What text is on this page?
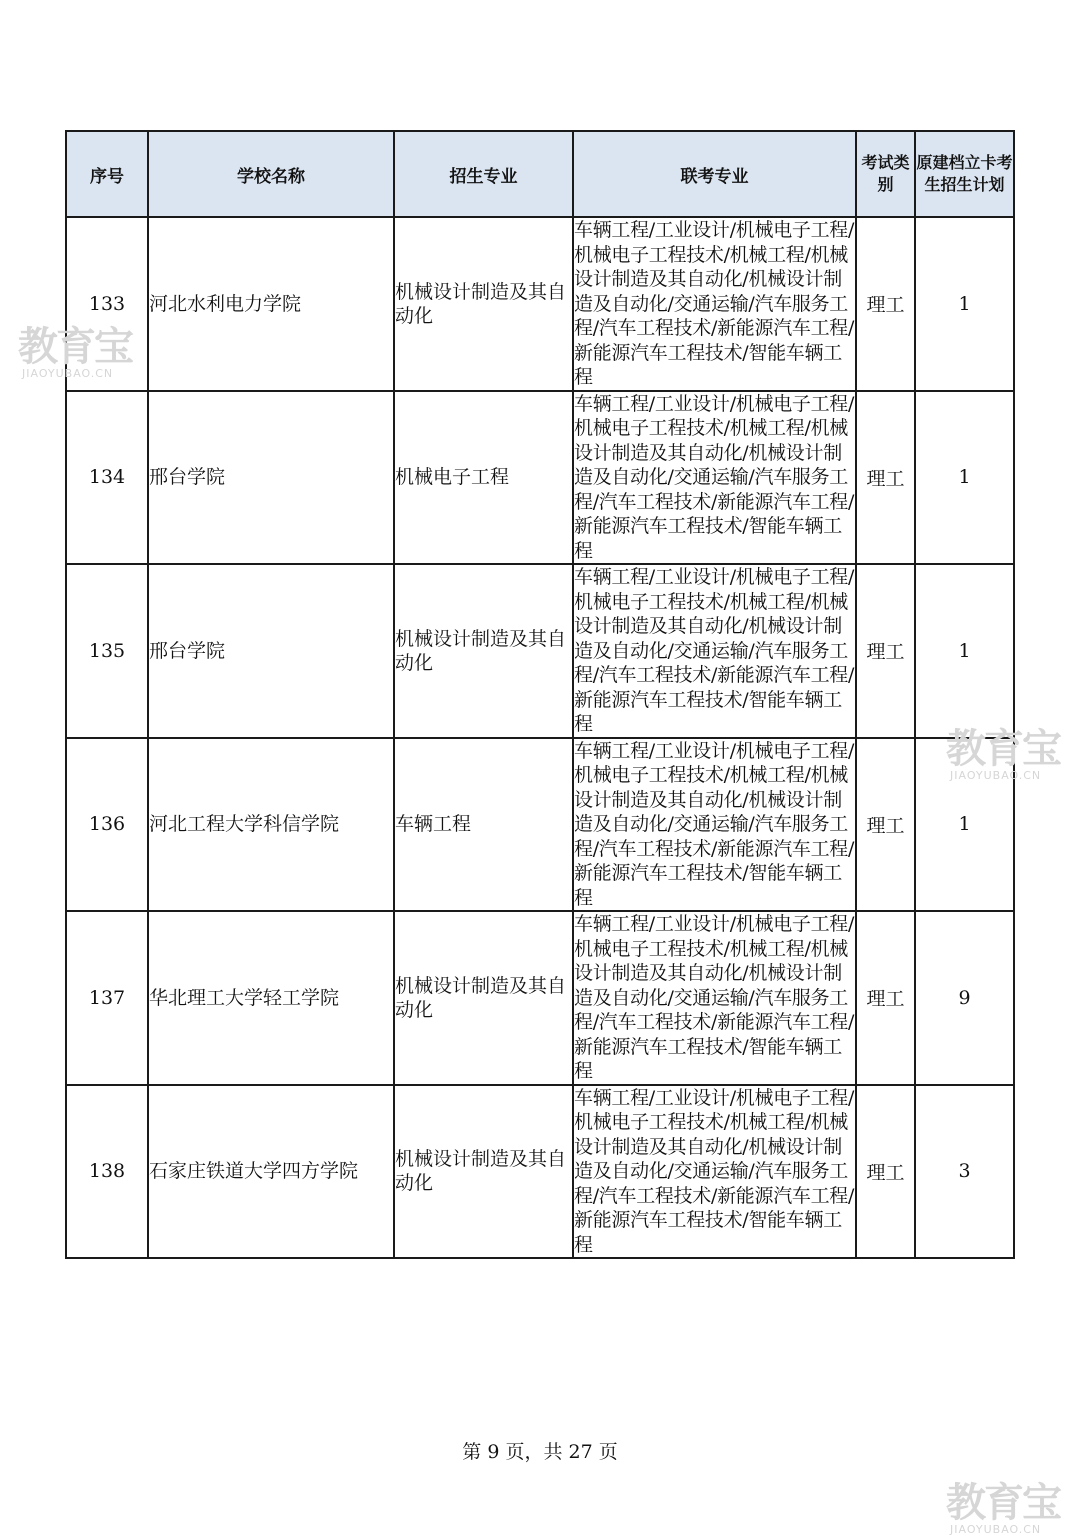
序号	学校名称	招生专业	联考专业	考试类别	原建档立卡考生招生计划
133	河北水利电力学院	机械设计制造及其自动化	车辆工程/工业设计/机械电子工程/机械电子工程技术/机械工程/机械设计制造及其自动化/机械设计制造及自动化/交通运输/汽车服务工程/汽车工程技术/新能源汽车工程/新能源汽车工程技术/智能车辆工程	理工	1
134	邢台学院	机械电子工程	车辆工程/工业设计/机械电子工程/机械电子工程技术/机械工程/机械设计制造及其自动化/机械设计制造及自动化/交通运输/汽车服务工程/汽车工程技术/新能源汽车工程/新能源汽车工程技术/智能车辆工程	理工	1
135	邢台学院	机械设计制造及其自动化	车辆工程/工业设计/机械电子工程/机械电子工程技术/机械工程/机械设计制造及其自动化/机械设计制造及自动化/交通运输/汽车服务工程/汽车工程技术/新能源汽车工程/新能源汽车工程技术/智能车辆工程	理工	1
136	河北工程大学科信学院	车辆工程	车辆工程/工业设计/机械电子工程/机械电子工程技术/机械工程/机械设计制造及其自动化/机械设计制造及自动化/交通运输/汽车服务工程/汽车工程技术/新能源汽车工程/新能源汽车工程技术/智能车辆工程	理工	1
137	华北理工大学轻工学院	机械设计制造及其自动化	车辆工程/工业设计/机械电子工程/机械电子工程技术/机械工程/机械设计制造及其自动化/机械设计制造及自动化/交通运输/汽车服务工程/汽车工程技术/新能源汽车工程/新能源汽车工程技术/智能车辆工程	理工	9
138	石家庄铁道大学四方学院	机械设计制造及其自动化	车辆工程/工业设计/机械电子工程/机械电子工程技术/机械工程/机械设计制造及其自动化/机械设计制造及自动化/交通运输/汽车服务工程/汽车工程技术/新能源汽车工程/新能源汽车工程技术/智能车辆工程	理工	3
第 9 页，共 27 页
教育宝
JIAOYUBAO.CN
教育宝
JIAOYUBAO.CN
教育宝
JIAOYUBAO.CN
